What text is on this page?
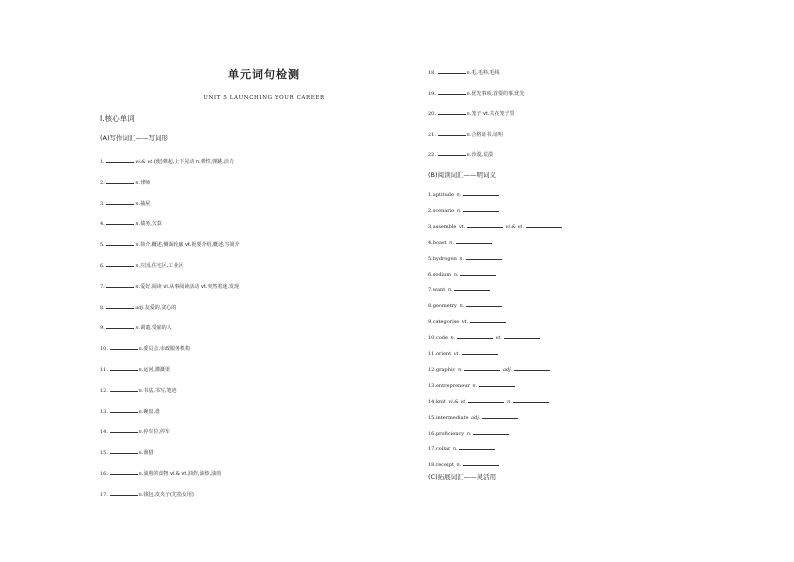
单元词句检测
UNIT 5 LAUNCHING YOUR CAREER
Ⅰ.核心单词
(A)写作词汇——写词形
1.	vi.& vt.(使)弹起,上下晃动 n.弹性,弹跳,活力
2.	n.律师
3.	n.抽屉
4.	n.债务,欠款
5.	n.简介,概述,侧面轮廓 vt.扼要介绍,概述,写简介
6.	n.庄园,住宅区,工业区
7.	n.爱好,阅读 vi.从事阅读活动 vt.突然着迷,发现
8.	adj.友爱的,贪心的
9.	n.调遣,受雇的人
10.	n.委员会,市政服务机构
11.	n.运河,灌溉渠
12.	n.书法,书写,笔迹
13.	n.碗盘,盘
14.	n.停车位,停车
15.	n.渔猎
16.	n.油煎的食物 vi.& vt.油炸,油炒,油煎
17.	n.钱包,皮夹子(尤指女用)
18.	n.毛,毛料,毛线
19.	n.优先事项,首要的事,优先
20.	n.笼子 vt.关在笼子里
21.	n.合格证书,证明
22.	n.沙漠,荒漠
(B)阅读词汇——明词义
1.aptitude n.
2.scenario n.
3.assemble vt.	vi.& vt.
4.boast n.
5.hydrogen n.
6.sodium n.
7.want n.
8.geometry n.
9.categorise vt.
10.code n.	vt.
11.orient vt.
12.graphic n.	adj.
13.entrepreneur n.
14.knit vi.& vt.	n.
15.intermediate adj.
16.proficiency n.
17.collar n.
18.receipt n.
(C)拓展词汇——灵活用
